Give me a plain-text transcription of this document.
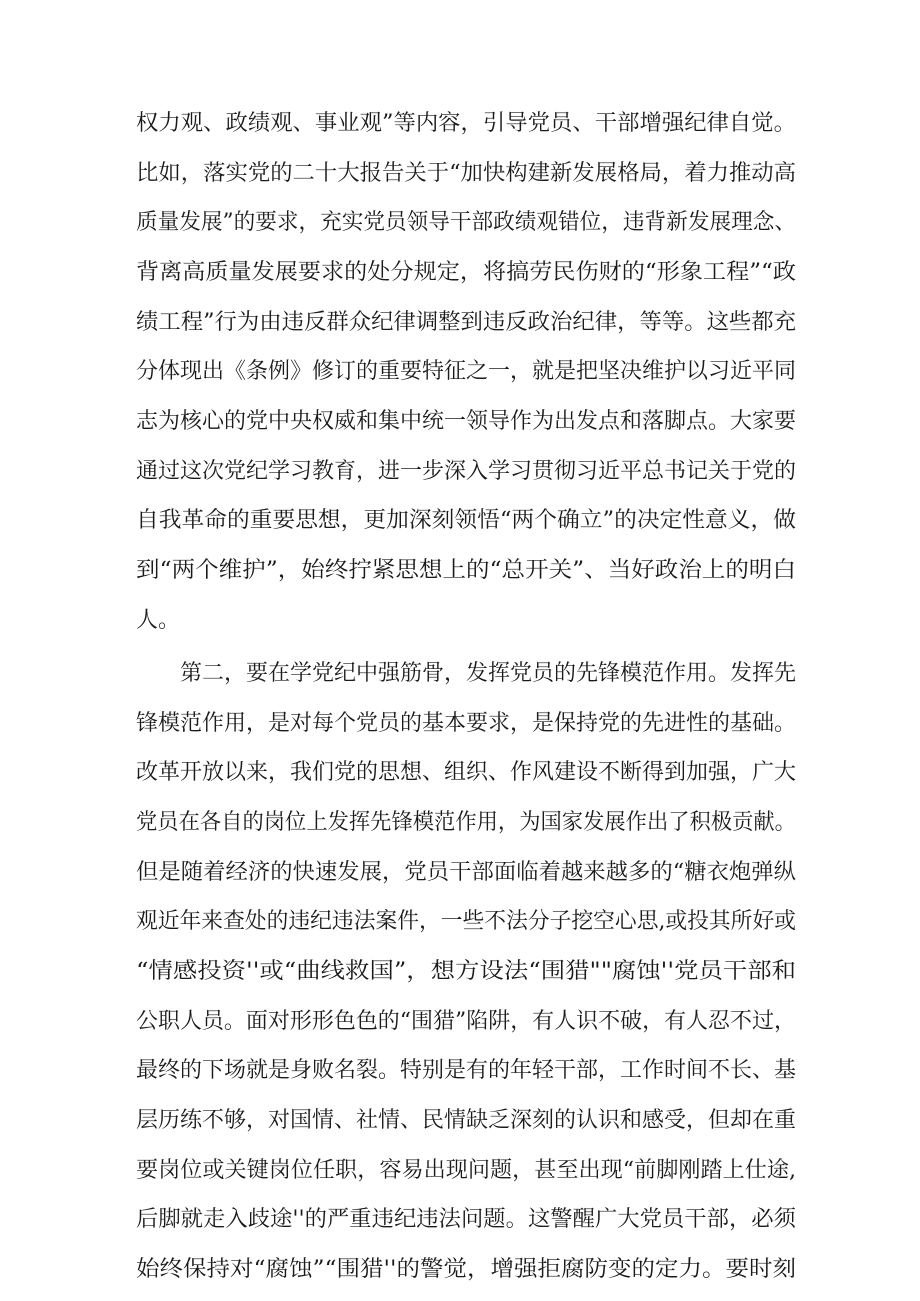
权力观、政绩观、事业观”等内容，引导党员、干部增强纪律自觉。
比如，落实党的二十大报告关于“加快构建新发展格局，着力推动高
质量发展”的要求，充实党员领导干部政绩观错位，违背新发展理念、
背离高质量发展要求的处分规定，将搞劳民伤财的“形象工程”“政
绩工程”行为由违反群众纪律调整到违反政治纪律，等等。这些都充
分体现出《条例》修订的重要特征之一，就是把坚决维护以习近平同
志为核心的党中央权威和集中统一领导作为出发点和落脚点。大家要
通过这次党纪学习教育，进一步深入学习贯彻习近平总书记关于党的
自我革命的重要思想，更加深刻领悟“两个确立”的决定性意义，做
到“两个维护”，始终拧紧思想上的“总开关”、当好政治上的明白
人。
第二，要在学党纪中强筋骨，发挥党员的先锋模范作用。发挥先
锋模范作用，是对每个党员的基本要求，是保持党的先进性的基础。
改革开放以来，我们党的思想、组织、作风建设不断得到加强，广大
党员在各自的岗位上发挥先锋模范作用，为国家发展作出了积极贡献。
但是随着经济的快速发展，党员干部面临着越来越多的“糖衣炮弹纵
观近年来查处的违纪违法案件，一些不法分子挖空心思,或投其所好或
“情感投资''或“曲线救国”，想方设法“围猎""腐蚀''党员干部和
公职人员。面对形形色色的“围猎”陷阱，有人识不破，有人忍不过，
最终的下场就是身败名裂。特别是有的年轻干部，工作时间不长、基
层历练不够，对国情、社情、民情缺乏深刻的认识和感受，但却在重
要岗位或关键岗位任职，容易出现问题，甚至出现“前脚刚踏上仕途,
后脚就走入歧途''的严重违纪违法问题。这警醒广大党员干部，必须
始终保持对“腐蚀”“围猎''的警觉，增强拒腐防变的定力。要时刻
